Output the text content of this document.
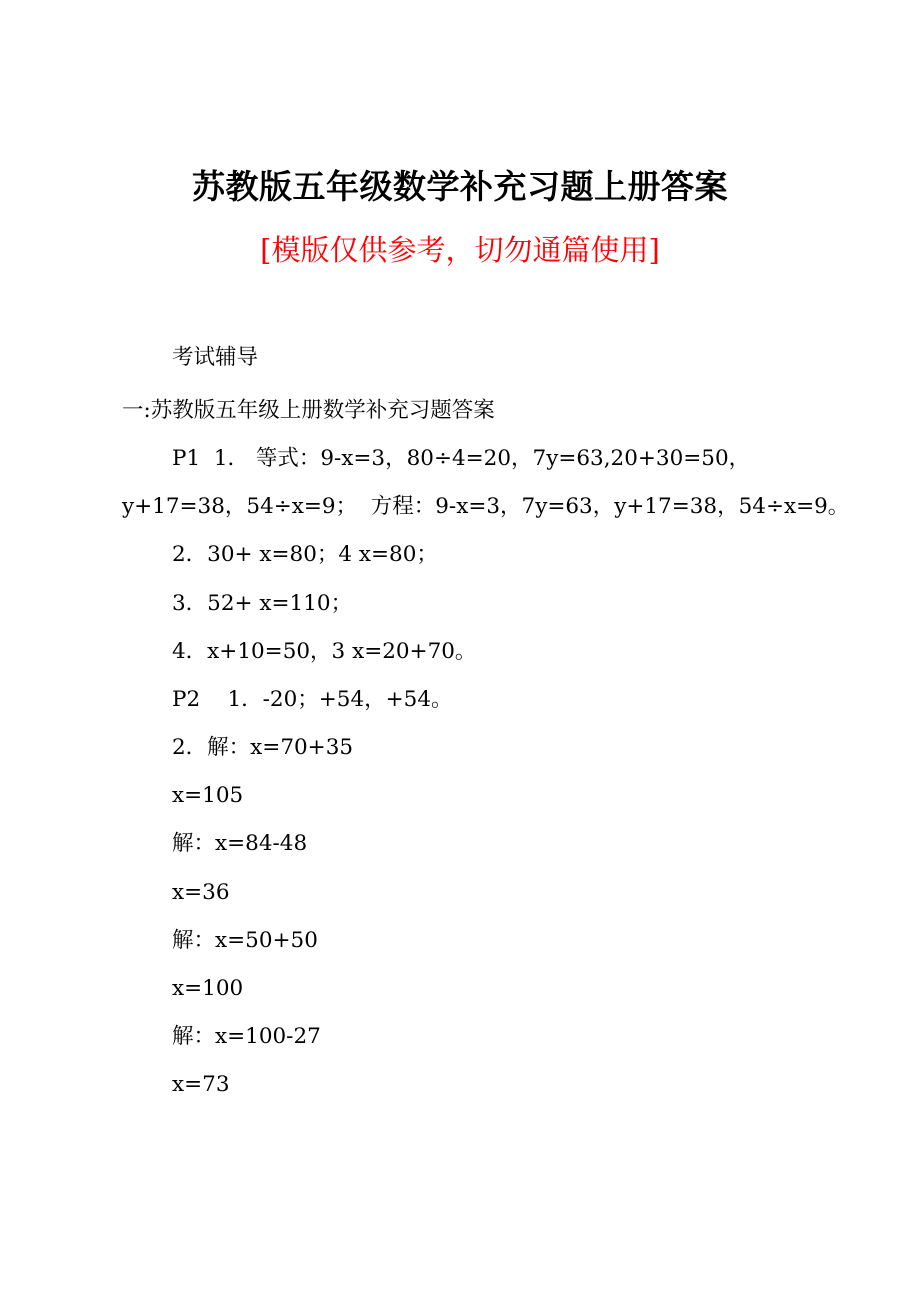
苏教版五年级数学补充习题上册答案
[模版仅供参考，切勿通篇使用]
考试辅导
一:苏教版五年级上册数学补充习题答案
P1  1． 等式：9-x=3，80÷4=20，7y=63,20+30=50，
y+17=38，54÷x=9；  方程：9-x=3，7y=63，y+17=38，54÷x=9。
2．30+ x=80；4 x=80；
3．52+ x=110；
4．x+10=50，3 x=20+70。
P2    1．-20；+54，+54。
2．解：x=70+35
x=105
解：x=84-48
x=36
解：x=50+50
x=100
解：x=100-27
x=73
